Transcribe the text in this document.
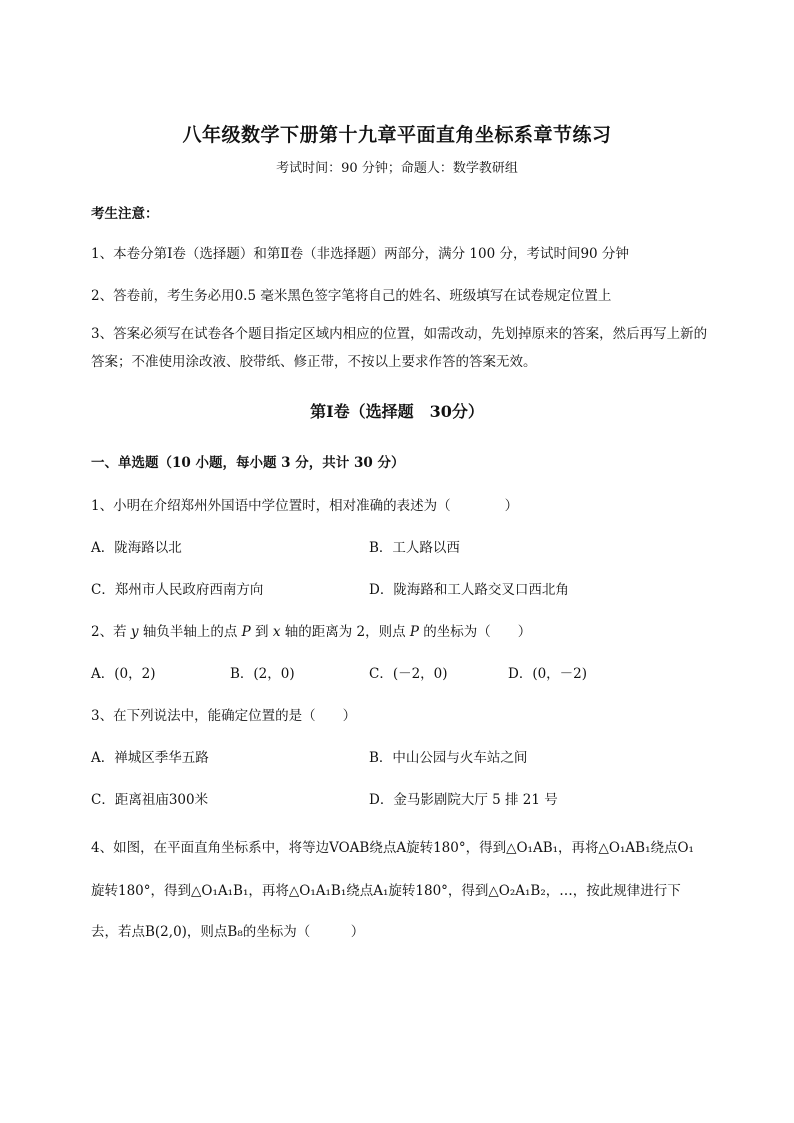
八年级数学下册第十九章平面直角坐标系章节练习
考试时间：90 分钟；命题人：数学教研组
考生注意：
1、本卷分第Ⅰ卷（选择题）和第Ⅱ卷（非选择题）两部分，满分 100 分，考试时间90 分钟
2、答卷前，考生务必用0.5 毫米黑色签字笔将自己的姓名、班级填写在试卷规定位置上
3、答案必须写在试卷各个题目指定区域内相应的位置，如需改动，先划掉原来的答案，然后再写上新的答案；不准使用涂改液、胶带纸、修正带，不按以上要求作答的答案无效。
第Ⅰ卷（选择题　30分）
一、单选题（10 小题，每小题 3 分，共计 30 分）
1、小明在介绍郑州外国语中学位置时，相对准确的表述为（　　　　）
A．陇海路以北	B．工人路以西
C．郑州市人民政府西南方向	D．陇海路和工人路交叉口西北角
2、若 y 轴负半轴上的点 P 到 x 轴的距离为 2，则点 P 的坐标为（　　）
A．(0，2)	B．(2，0)	C．(－2，0)	D．(0，－2)
3、在下列说法中，能确定位置的是（　　）
A．禅城区季华五路	B．中山公园与火车站之间
C．距离祖庙300米	D．金马影剧院大厅 5 排 21 号
4、如图，在平面直角坐标系中，将等边VOAB绕点A旋转180°，得到△O₁AB₁，再将△O₁AB₁绕点O₁
旋转180°，得到△O₁A₁B₁，再将△O₁A₁B₁绕点A₁旋转180°，得到△O₂A₁B₂，…，按此规律进行下
去，若点B(2,0)，则点B₈的坐标为（　　　）
